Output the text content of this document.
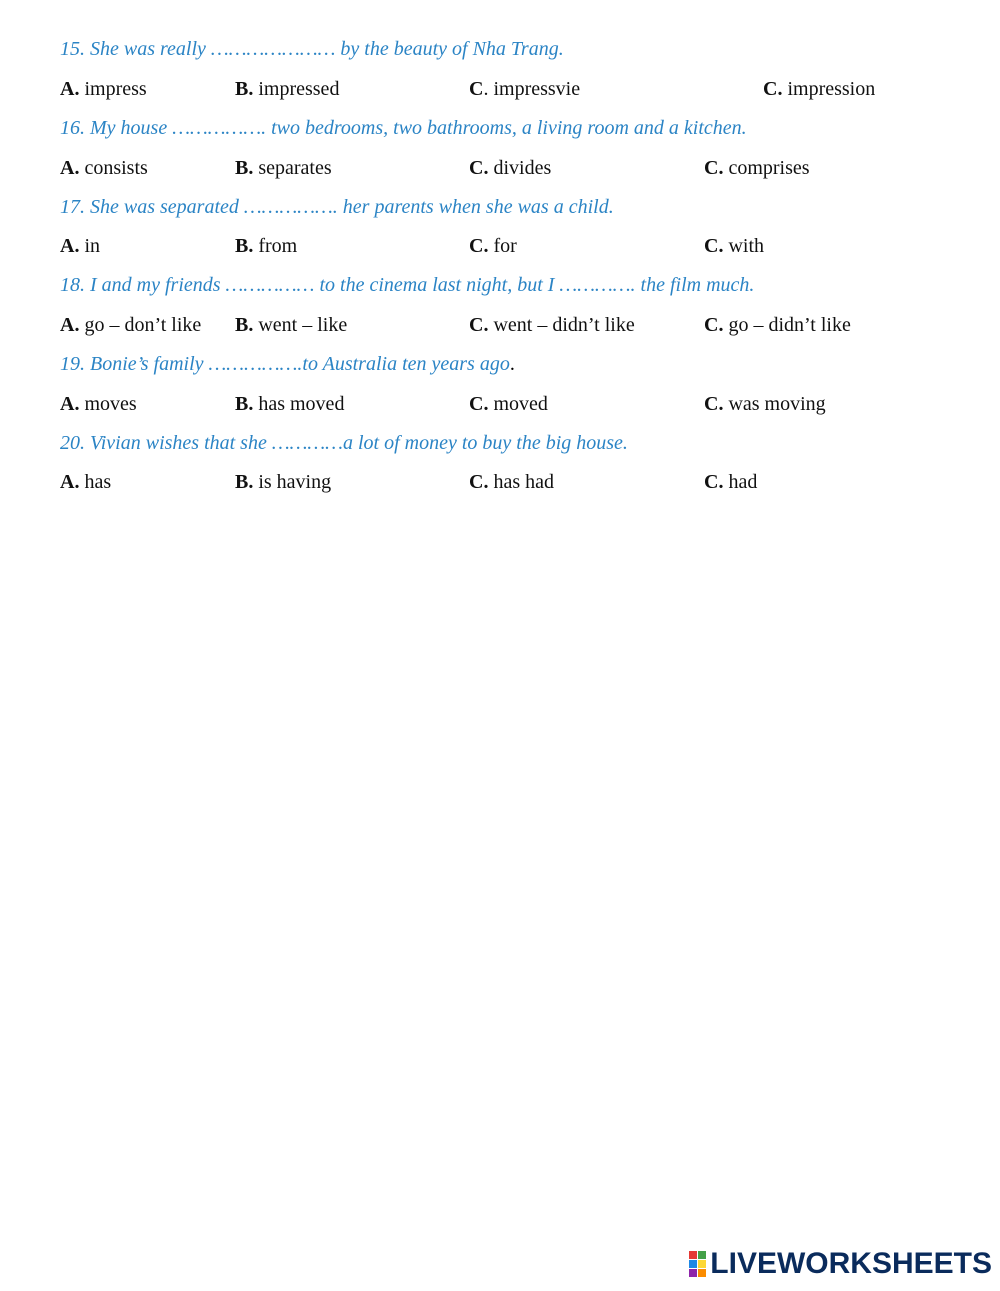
15. She was really ………………… by the beauty of Nha Trang.

A. impress	B. impressed	C. impressvie	C. impression

16. My house ……………. two bedrooms, two bathrooms, a living room and a kitchen.

A. consists	B. separates	C. divides	C. comprises

17. She was separated ……………. her parents when she was a child.

A. in	B. from	C. for	C. with

18. I and my friends …………… to the cinema last night, but I …………. the film much.

A. go – don’t like B. went – like	C. went – didn’t like	C. go – didn’t like

19. Bonie’s family …………….to Australia ten years ago.

A. moves	B. has moved	C. moved	C. was moving

20. Vivian wishes that she …………a lot of money to buy the big house.

A. has	B. is having	C. has had	C. had
LIVEWORKSHEETS
